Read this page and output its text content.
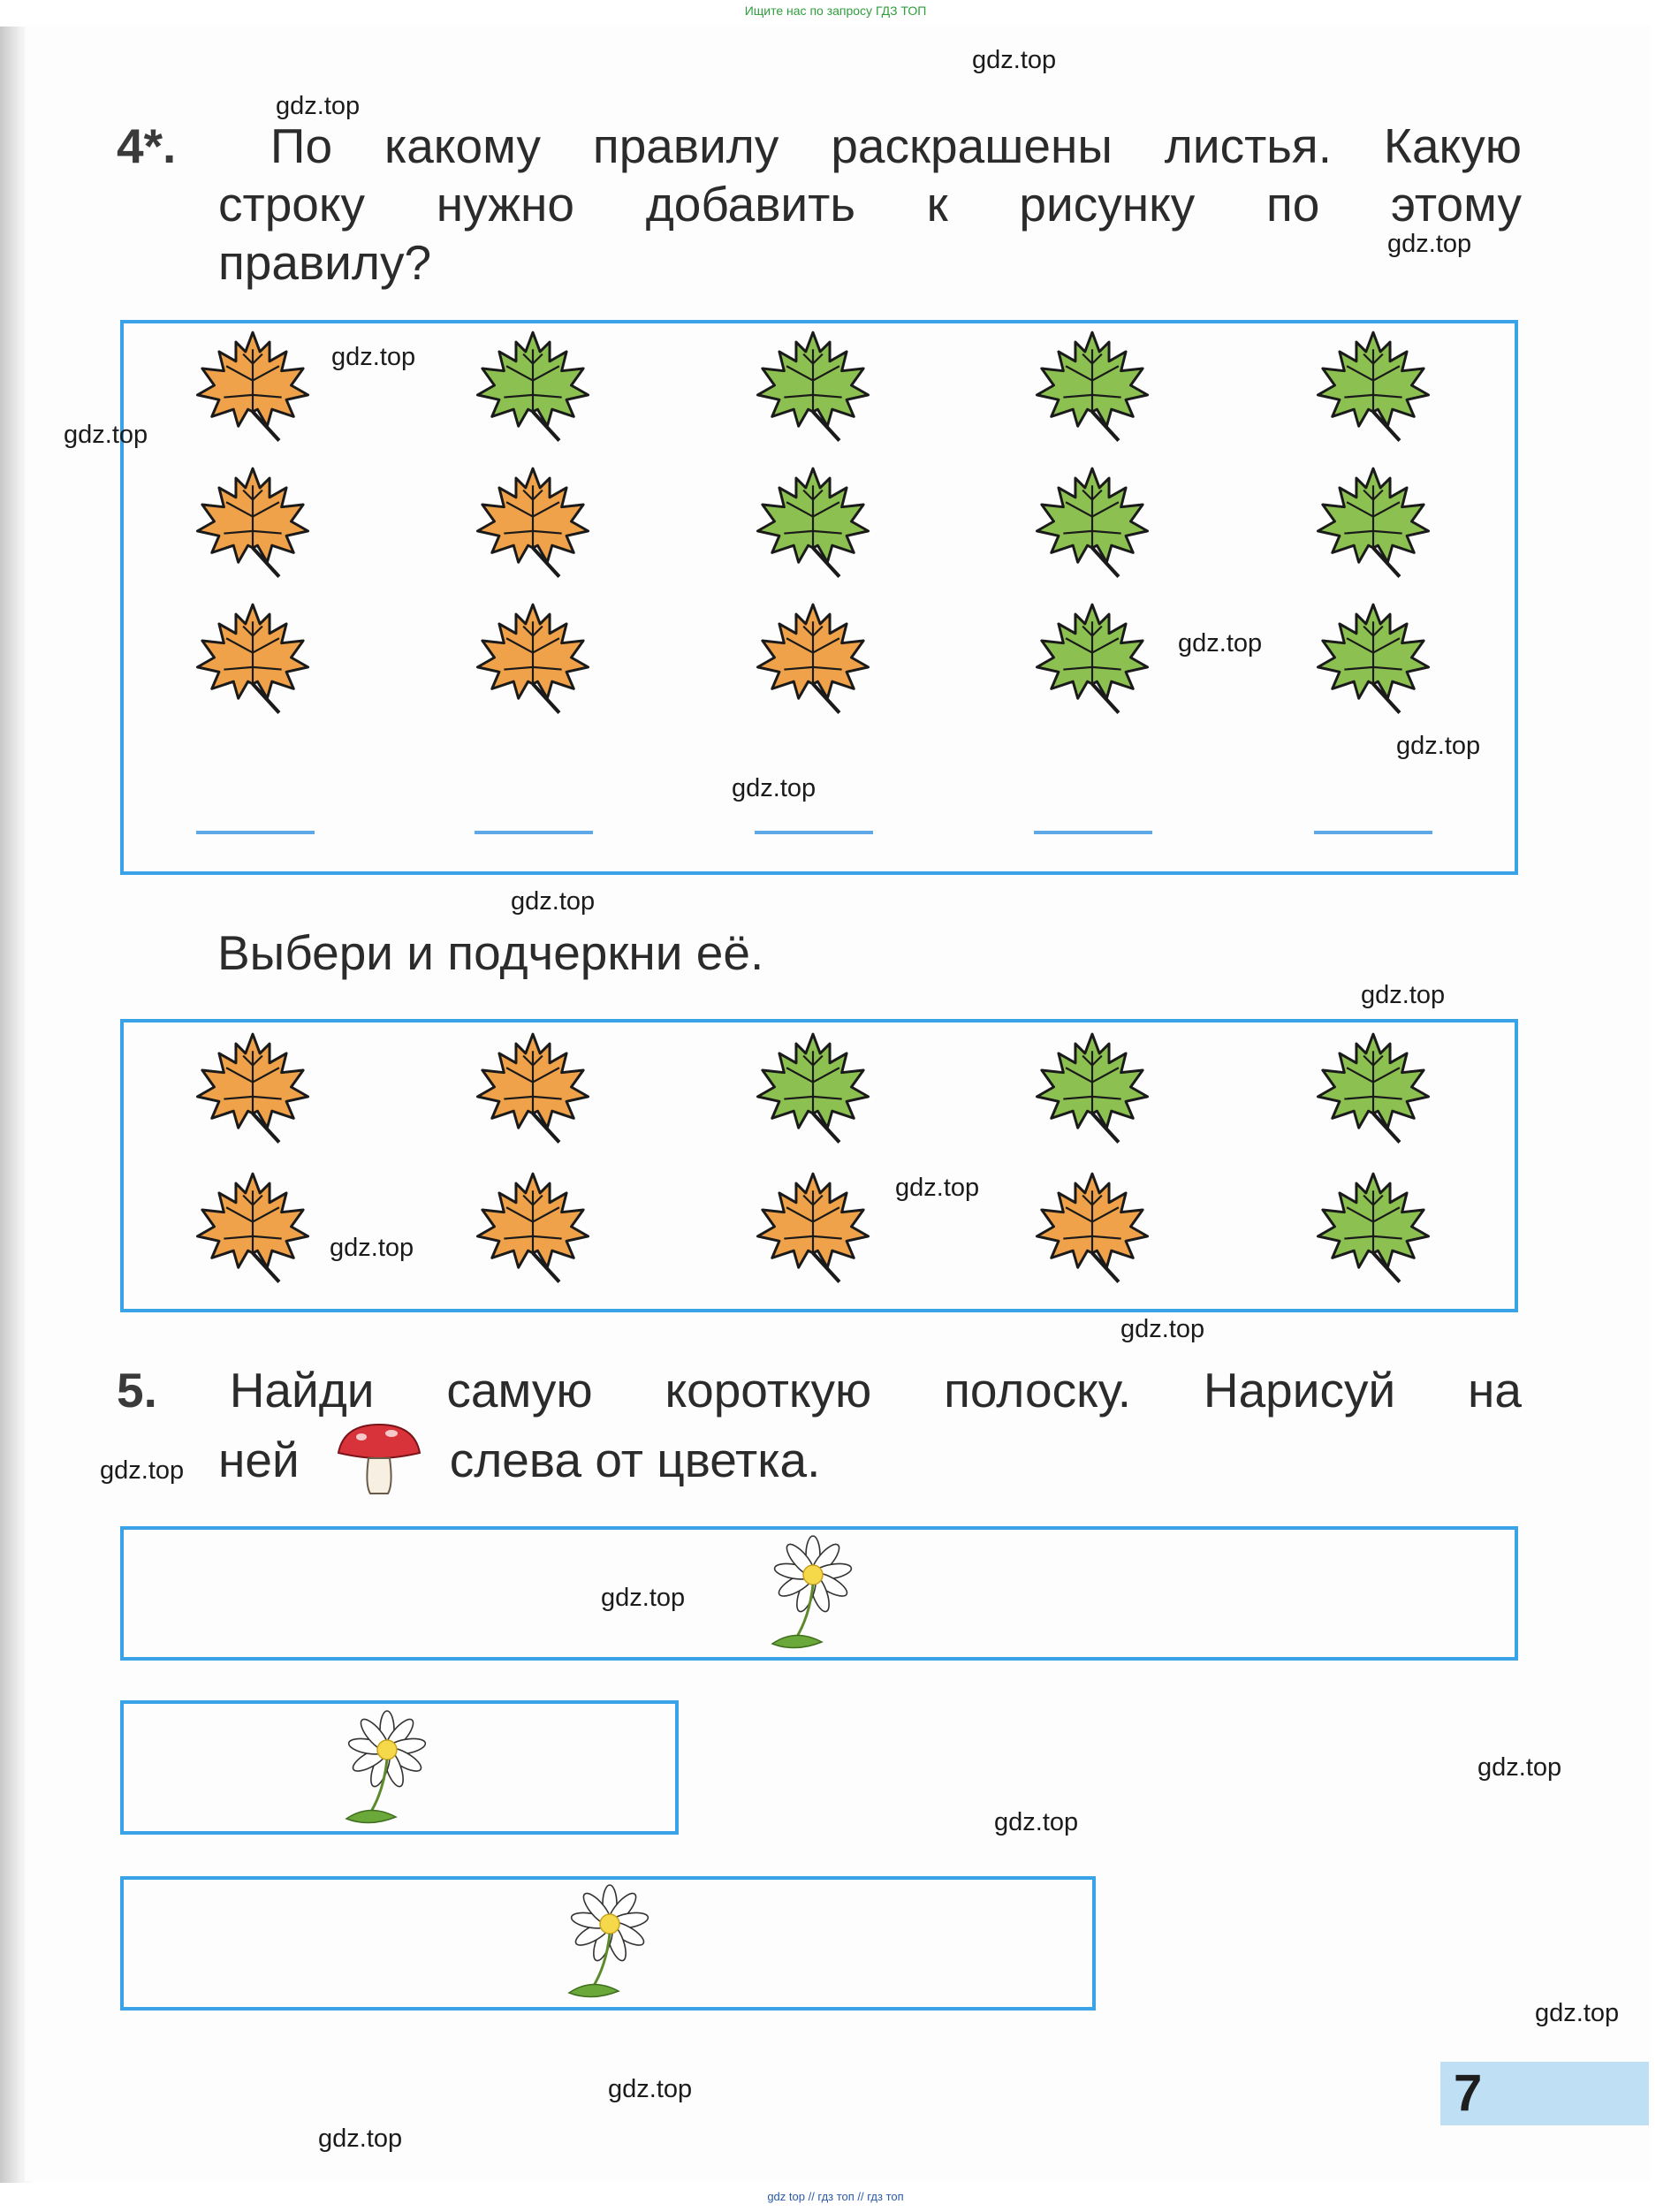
Ищите нас по запросу ГДЗ ТОП
4*.	По какому правилу раскрашены листья. Какую
строку нужно добавить к рисунку по этому
правилу?
Выбери и подчеркни её.
5. Найди самую короткую полоску. Нарисуй на
ней	слева от цветка.
7
gdz.top
gdz.top
gdz.top
gdz.top
gdz.top
gdz.top
gdz.top
gdz.top
gdz.top
gdz.top
gdz.top
gdz.top
gdz.top
gdz.top
gdz.top
gdz.top
gdz.top
gdz.top
gdz.top
gdz.top
gdz top // гдз топ // гдз топ
